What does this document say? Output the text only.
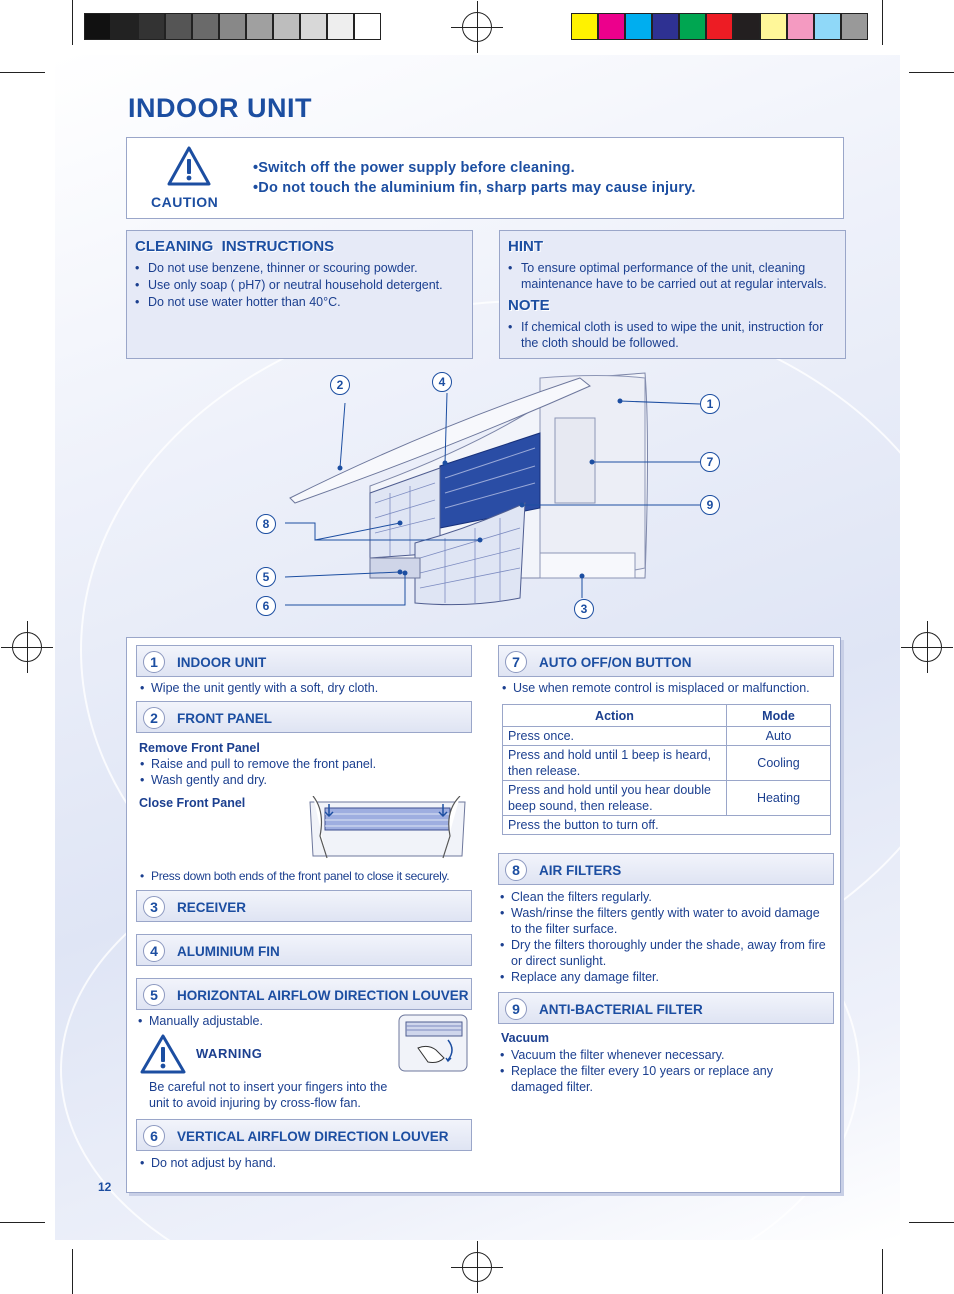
INDOOR UNIT
CAUTION
•Switch off the power supply before cleaning.
•Do not touch the aluminium fin, sharp parts may cause injury.
CLEANING  INSTRUCTIONS
• Do not use benzene, thinner or scouring powder.
• Use only soap ( pH7) or neutral household detergent.
• Do not use water hotter than 40°C.
HINT
• To ensure optimal performance of the unit, cleaning maintenance have to be carried out at regular intervals.
NOTE
• If chemical cloth is used to wipe the unit, instruction for the cloth should be followed.
1
2
3
4
5
6
7
8
9
1	INDOOR UNIT
• Wipe the unit gently with a soft, dry cloth.
2	FRONT PANEL
Remove Front Panel
• Raise and pull to remove the front panel.
• Wash gently and dry.
Close Front Panel
• Press down both ends of the front panel to close it securely.
3	RECEIVER
4	ALUMINIUM FIN
5	HORIZONTAL AIRFLOW DIRECTION LOUVER
• Manually adjustable.
WARNING
Be careful not to insert your fingers into the unit to avoid injuring by cross-flow fan.
6	VERTICAL AIRFLOW DIRECTION LOUVER
• Do not adjust by hand.
7	AUTO OFF/ON BUTTON
• Use when remote control is misplaced or malfunction.
Action	Mode
Press once.	Auto
Press and hold until 1 beep is heard, then release.	Cooling
Press and hold until you hear double beep sound, then release.	Heating
Press the button to turn off.	
8	AIR FILTERS
• Clean the filters regularly.
• Wash/rinse the filters gently with water to avoid damage to the filter surface.
• Dry the filters thoroughly under the shade, away from fire or direct sunlight.
• Replace any damage filter.
9	ANTI-BACTERIAL FILTER
Vacuum
• Vacuum the filter whenever necessary.
• Replace the filter every 10 years or replace any damaged filter.
12
